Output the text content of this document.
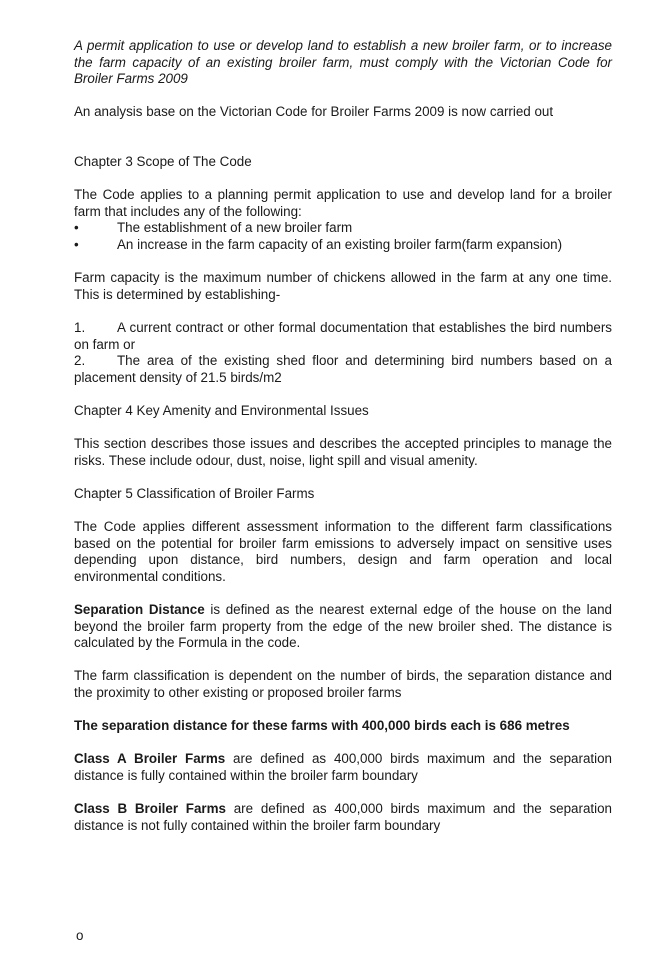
A permit application to use or develop land to establish a new broiler farm, or to increase the farm capacity of an existing broiler farm, must comply with the Victorian Code for Broiler Farms 2009

An analysis base on the Victorian Code for Broiler Farms 2009 is now carried out

Chapter 3 Scope of The Code

The Code applies to a planning permit application to use and develop land for a broiler farm that includes any of the following:

•	The establishment of a new broiler farm
•	An increase in the farm capacity of an existing broiler farm(farm expansion)

Farm capacity is the maximum number of chickens allowed in the farm at any one time. This is determined by establishing-

1. A current contract or other formal documentation that establishes the bird numbers on farm or
2. The area of the existing shed floor and determining bird numbers based on a placement density of 21.5 birds/m2

Chapter 4 Key Amenity and Environmental Issues

This section describes those issues and describes the accepted principles to manage the risks. These include odour, dust, noise, light spill and visual amenity.

Chapter 5 Classification of Broiler Farms

The Code applies different assessment information to the different farm classifications based on the potential for broiler farm emissions to adversely impact on sensitive uses depending upon distance, bird numbers, design and farm operation and local environmental conditions.

Separation Distance is defined as the nearest external edge of the house on the land beyond the broiler farm property from the edge of the new broiler shed. The distance is calculated by the Formula in the code.

The farm classification is dependent on the number of birds, the separation distance and the proximity to other existing or proposed broiler farms

The separation distance for these farms with 400,000 birds each is 686 metres

Class A Broiler Farms are defined as 400,000 birds maximum and the separation distance is fully contained within the broiler farm boundary

Class B Broiler Farms are defined as 400,000 birds maximum and the separation distance is not fully contained within the broiler farm boundary

o
